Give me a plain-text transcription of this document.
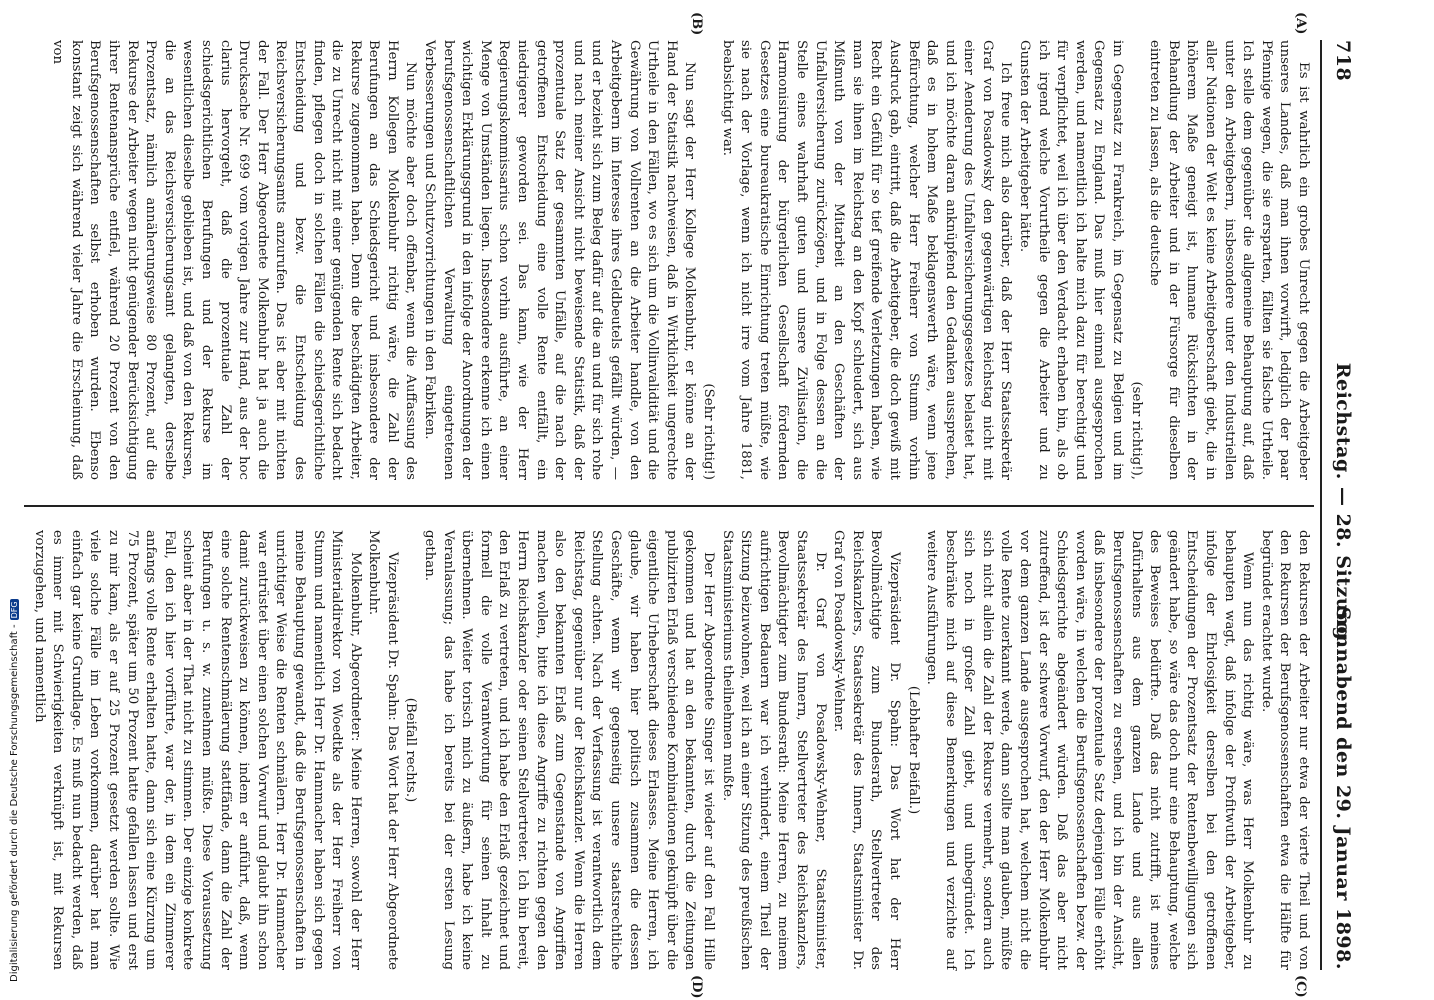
718
Reichstag. — 28. Sitzung.
Sonnabend den 29. Januar 1898.
(A)
(B)
(C)
(D)

Es ist wahrlich ein grobes Unrecht gegen die Arbeitgeber unseres Landes, daß man ihnen vorwirft, lediglich der paar Pfennige wegen, die sie ersparten, fällten sie falsche Urtheile. Ich stelle dem gegenüber die allgemeine Behauptung auf, daß unter den Arbeitgebern, insbesondere unter den Industriellen aller Nationen der Welt es keine Arbeitgeberschaft giebt, die in höherem Maße geneigt ist, humane Rücksichten in der Behandlung der Arbeiter und in der Fürsorge für dieselben eintreten zu lassen, als die deutsche

(sehr richtig!),

im Gegensatz zu Frankreich, im Gegensatz zu Belgien und im Gegensatz zu England. Das muß hier einmal ausgesprochen werden, und namentlich ich halte mich dazu für berechtigt und für verpflichtet, weil ich über den Verdacht erhaben bin, als ob ich irgend welche Vorurtheile gegen die Arbeiter und zu Gunsten der Arbeitgeber hätte.

Ich freue mich also darüber, daß der Herr Staatssekretär Graf von Posadowsky den gegenwärtigen Reichstag nicht mit einer Aenderung des Unfallversicherungsgesetzes belastet hat, und ich möchte daran anknüpfend den Gedanken aussprechen, daß es in hohem Maße beklagenswerth wäre, wenn jene Befürchtung, welcher Herr Freiherr von Stumm vorhin Ausdruck gab, eintritt, daß die Arbeitgeber, die doch gewiß mit Recht ein Gefühl für so tief greifende Verletzungen haben, wie man sie ihnen im Reichstag an den Kopf schleudert, sich aus Mißmuth von der Mitarbeit an den Geschäften der Unfallversicherung zurückzögen, und in Folge dessen an die Stelle eines wahrhaft guten und unsere Zivilisation, die Harmonisirung der bürgerlichen Gesellschaft fördernden Gesetzes eine bureaukratische Einrichtung treten müßte, wie sie nach der Vorlage, wenn ich nicht irre vom Jahre 1881, beabsichtigt war.

(Sehr richtig!)

Nun sagt der Herr Kollege Molkenbuhr, er könne an der Hand der Statistik nachweisen, daß in Wirklichkeit ungerechte Urtheile in den Fällen, wo es sich um die Vollinvalidität und die Gewährung von Vollrenten an die Arbeiter handle, von den Arbeitgebern im Interesse ihres Geldbeutels gefällt würden, — und er bezieht sich zum Beleg dafür auf die an und für sich rohe und nach meiner Ansicht nicht beweisende Statistik, daß der prozentuale Satz der gesammten Unfälle, auf die nach der getroffenen Entscheidung eine volle Rente entfällt, ein niedrigerer geworden sei. Das kann, wie der Herr Regierungskommissarius schon vorhin ausführte, an einer Menge von Umständen liegen. Insbesondere erkenne ich einen wichtigen Erklärungsgrund in den infolge der Anordnungen der berufsgenossenschaftlichen Verwaltung eingetretenen Verbesserungen und Schutzvorrichtungen in den Fabriken.

Nun möchte aber doch offenbar, wenn die Auffassung des Herrn Kollegen Molkenbuhr richtig wäre, die Zahl der Berufungen an das Schiedsgericht und insbesondere der Rekurse zugenommen haben. Denn die beschädigten Arbeiter, die zu Unrecht nicht mit einer genügenden Rente sich bedacht finden, pflegen doch in solchen Fällen die schiedsgerichtliche Entscheidung und bezw. die Entscheidung des Reichsversicherungsamts anzurufen. Das ist aber mit nichten der Fall. Der Herr Abgeordnete Molkenbuhr hat ja auch die Drucksache Nr. 699 vom vorigen Jahre zur Hand, aus der hoc clarius hervorgeht, daß die prozentuale Zahl der schiedsgerichtlichen Berufungen und der Rekurse im wesentlichen dieselbe geblieben ist, und daß von den Rekursen, die an das Reichsversicherungsamt gelangten, derselbe Prozentsatz, nämlich annäherungsweise 80 Prozent, auf die Rekurse der Arbeiter wegen nicht genügender Berücksichtigung ihrer Rentenansprüche entfiel, während 20 Prozent von den Berufsgenossenschaften selbst erhoben wurden. Ebenso konstant zeigt sich während vieler Jahre die Erscheinung, daß von

den Rekursen der Arbeiter nur etwa der vierte Theil und von den Rekursen der Berufsgenossenschaften etwa die Hälfte für begründet erachtet wurde.

Wenn nun das richtig wäre, was Herr Molkenbuhr zu behaupten wagt, daß infolge der Profitwuth der Arbeitgeber, infolge der Ehrlosigkeit derselben bei den getroffenen Entscheidungen der Prozentsatz der Rentenbewilligungen sich geändert habe, so wäre das doch nur eine Behauptung, welche des Beweises bedürfte. Daß das nicht zutrifft, ist meines Dafürhaltens aus dem ganzen Lande und aus allen Berufsgenossenschaften zu ersehen, und ich bin der Ansicht, daß insbesondere der prozentuale Satz derjenigen Fälle erhöht worden wäre, in welchen die Berufsgenossenschaften bezw. der Schiedsgerichte abgeändert würden. Daß das aber nicht zutreffend, ist der schwere Vorwurf, den der Herr Molkenbuhr vor dem ganzen Lande ausgesprochen hat, welchem nicht die volle Rente zuerkannt werde, dann sollte man glauben, müßte sich nicht allein die Zahl der Rekurse vermehrt, sondern auch sich noch in großer Zahl giebt, und unbegründet. Ich beschränke mich auf diese Bemerkungen und verzichte auf weitere Ausführungen.

(Lebhafter Beifall.)

Vizepräsident Dr. Spahn: Das Wort hat der Herr Bevollmächtigte zum Bundesrath, Stellvertreter des Reichskanzlers, Staatssekretär des Innern, Staatsminister Dr. Graf von Posadowsky-Wehner.

Dr. Graf von Posadowsky-Wehner, Staatsminister, Staatssekretär des Innern, Stellvertreter des Reichskanzlers, Bevollmächtigter zum Bundesrath: Meine Herren, zu meinem aufrichtigen Bedauern war ich verhindert, einem Theil der Sitzung beizuwohnen, weil ich an einer Sitzung des preußischen Staatsministeriums theilnehmen mußte.

Der Herr Abgeordnete Singer ist wieder auf den Fall Hille gekommen und hat an den bekannten, durch die Zeitungen publizirten Erlaß verschiedene Kombinationen geknüpft über die eigentliche Urheberschaft dieses Erlasses. Meine Herren, ich glaube, wir haben hier politisch zusammen die dessen Geschäfte, wenn wir gegenseitig unsere staatsrechtliche Stellung achten. Nach der Verfassung ist verantwortlich dem Reichstag, gegenüber nur der Reichskanzler. Wenn die Herren also den bekannten Erlaß zum Gegenstande von Angriffen machen wollen, bitte ich diese Angriffe zu richten gegen den Herrn Reichskanzler oder seinen Stellvertreter. Ich bin bereit, den Erlaß zu vertreten, und ich habe den Erlaß gezeichnet und formell die volle Verantwortung für seinen Inhalt zu übernehmen. Weiter torisch mich zu äußern, habe ich keine Veranlassung; das habe ich bereits bei der ersten Lesung gethan.

(Beifall rechts.)

Vizepräsident Dr. Spahn: Das Wort hat der Herr Abgeordnete Molkenbuhr.

Molkenbuhr, Abgeordneter: Meine Herren, sowohl der Herr Ministerialdirektor von Woedtke als der Herr Freiherr von Stumm und namentlich Herr Dr. Hammacher haben sich gegen meine Behauptung gewandt, daß die Berufsgenossenschaften in unrichtiger Weise die Renten schmälern. Herr Dr. Hammacher war entrüstet über einen solchen Vorwurf und glaubt ihn schon damit zurückweisen zu können, indem er anführt, daß, wenn eine solche Rentenschmälerung stattfände, dann die Zahl der Berufungen u. s. w. zunehmen müßte. Diese Voraussetzung scheint aber in der That nicht zu stimmen. Der einzige konkrete Fall, den ich hier vorführte, war der, in dem ein Zimmerer anfangs volle Rente erhalten hatte, dann sich eine Kürzung um 75 Prozent, später um 50 Prozent hatte gefallen lassen und erst zu mir kam, als er auf 25 Prozent gesetzt werden sollte. Wie viele solche Fälle im Leben vorkommen, darüber hat man einfach gar keine Grundlage. Es muß nun bedacht werden, daß es immer mit Schwierigkeiten verknüpft ist, mit Rekursen vorzugehen, und namentlich

Digitalisierung gefördert durch die Deutsche Forschungsgemeinschaft -DFG
